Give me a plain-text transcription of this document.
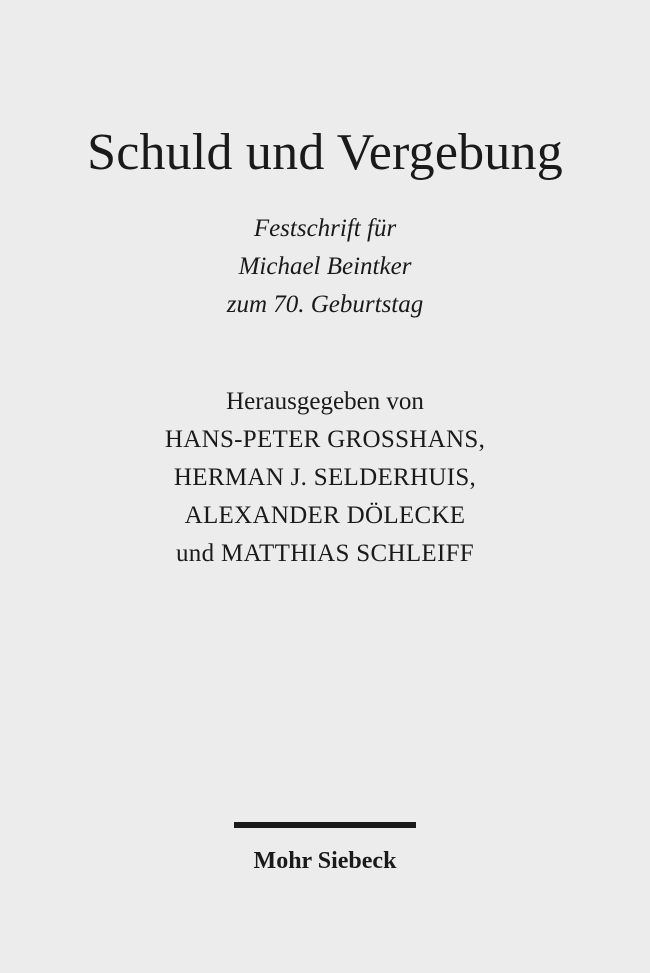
Schuld und Vergebung
Festschrift für
Michael Beintker
zum 70. Geburtstag
Herausgegeben von
HANS-PETER GROSSHANS,
HERMAN J. SELDERHUIS,
ALEXANDER DÖLECKE
und MATTHIAS SCHLEIFF
Mohr Siebeck
